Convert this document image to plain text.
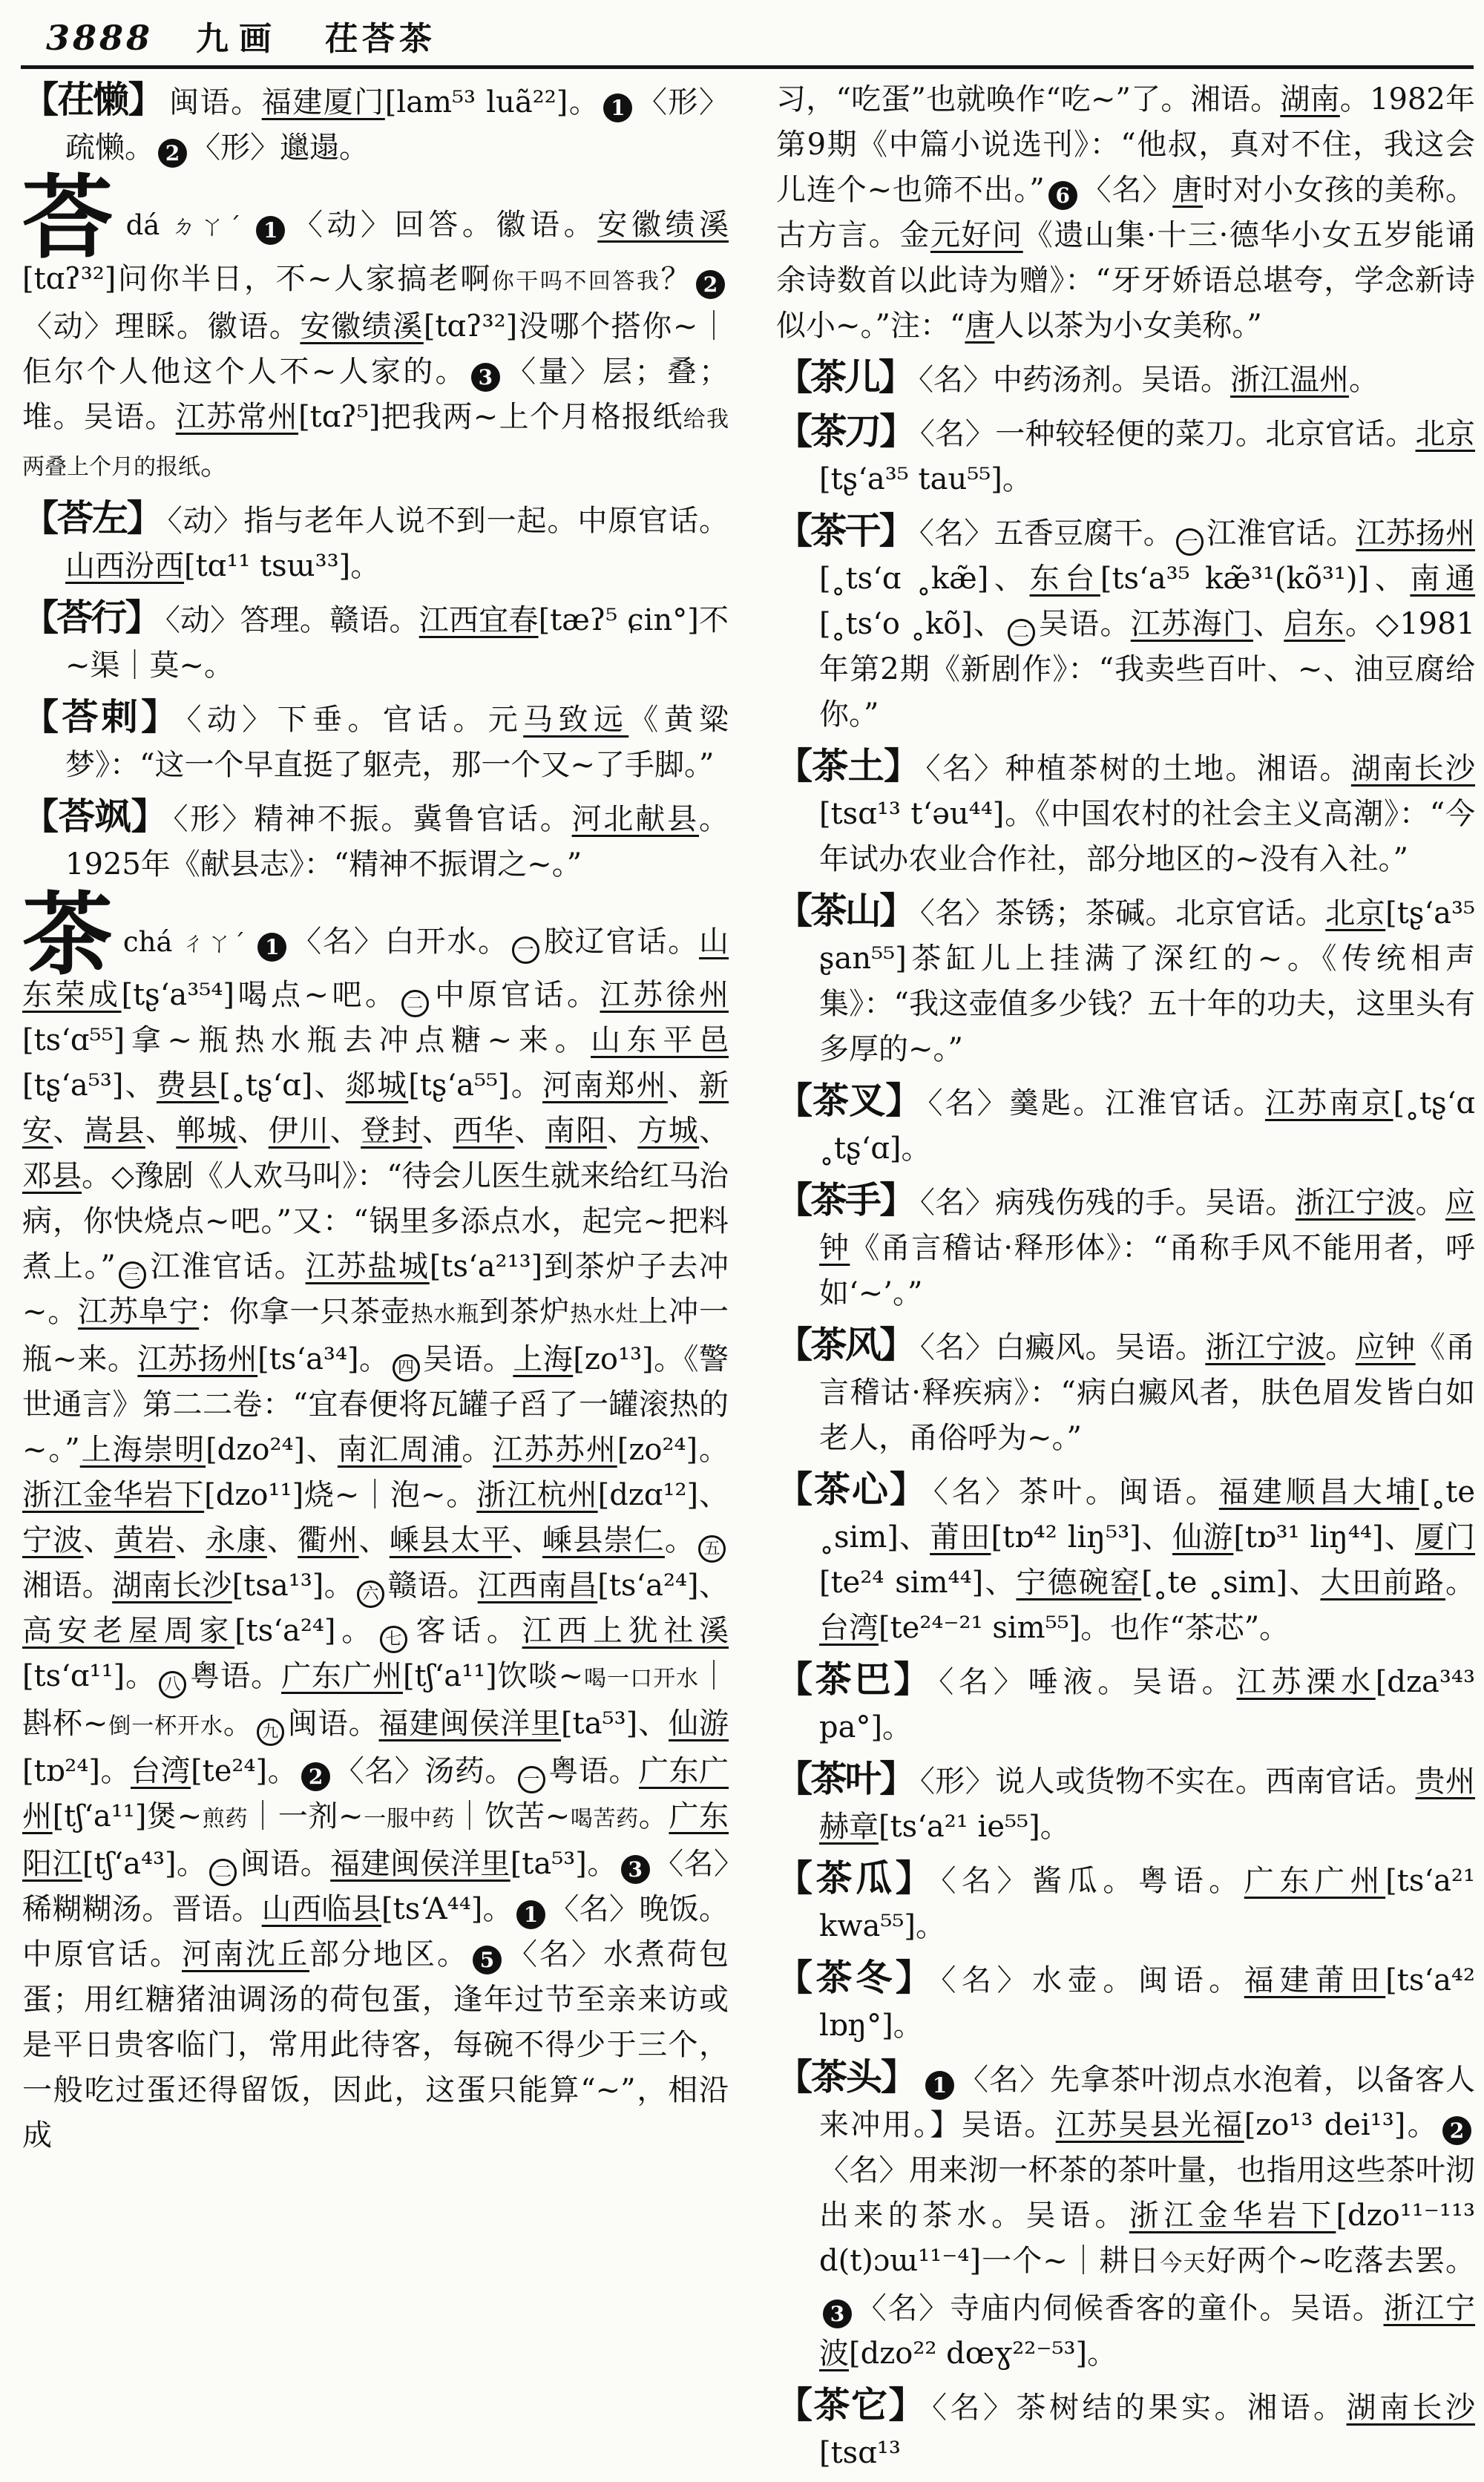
3888 九画 茌荅茶
【茌懒】 闽语。福建厦门[lam⁵³ luã²²]。 1 〈形〉疏懒。 2 〈形〉邋遢。
荅dá ㄉㄚˊ 1 〈动〉回答。徽语。安徽绩溪[tɑʔ³²]问你半日，不~人家搞老啊你干吗不回答我？ 2〈动〉理睬。徽语。安徽绩溪[tɑʔ³²]没哪个搭你~｜佢尔个人他这个人不~人家的。 3 〈量〉层；叠；堆。吴语。江苏常州[tɑʔ⁵]把我两~上个月格报纸给我两叠上个月的报纸。
【荅左】 〈动〉指与老年人说不到一起。中原官话。山西汾西[tɑ¹¹ tsɯ³³]。
【荅行】 〈动〉答理。赣语。江西宜春[tæʔ⁵ ɕin°]不~渠｜莫~。
【荅剌】 〈动〉下垂。官话。元马致远《黄粱梦》：“这一个早直挺了躯壳，那一个又~了手脚。”
【荅飒】 〈形〉精神不振。冀鲁官话。河北献县。1925年《献县志》：“精神不振谓之~。”
茶chá ㄔㄚˊ 1 〈名〉白开水。 一 胶辽官话。山东荣成[tʂʻa³⁵⁴]喝点~吧。 二 中原官话。江苏徐州[tsʻɑ⁵⁵]拿~瓶热水瓶去冲点糖~来。山东平邑[tʂʻa⁵³]、费县[˳tʂʻɑ]、郯城[tʂʻa⁵⁵]。河南郑州、新安、嵩县、郸城、伊川、登封、西华、南阳、方城、邓县。◇豫剧《人欢马叫》：“待会儿医生就来给红马治病，你快烧点~吧。”又：“锅里多添点水，起完~把料煮上。” 三 江淮官话。江苏盐城[tsʻa²¹³]到茶炉子去冲~。江苏阜宁：你拿一只茶壶热水瓶到茶炉热水灶上冲一瓶~来。江苏扬州[tsʻa³⁴]。 四 吴语。上海[zo¹³]。《警世通言》第二二卷：“宜春便将瓦罐子舀了一罐滚热的~。”上海崇明[dzo²⁴]、南汇周浦。江苏苏州[zo²⁴]。浙江金华岩下[dzo¹¹]烧~｜泡~。浙江杭州[dzɑ¹²]、宁波、黄岩、永康、衢州、嵊县太平、嵊县崇仁。 五湘语。湖南长沙[tsa¹³]。 六 赣语。江西南昌[tsʻa²⁴]、高安老屋周家[tsʻa²⁴]。 七 客话。江西上犹社溪[tsʻɑ¹¹]。 八 粤语。广东广州[tʃʻa¹¹]饮啖~喝一口开水｜斟杯~倒一杯开水。 九 闽语。福建闽侯洋里[ta⁵³]、仙游[tɒ²⁴]。台湾[te²⁴]。 2 〈名〉汤药。 一 粤语。广东广州[tʃʻa¹¹]煲~煎药｜一剂~一服中药｜饮苦~喝苦药。广东阳江[tʃʻa⁴³]。 二 闽语。福建闽侯洋里[ta⁵³]。 3 〈名〉稀糊糊汤。晋语。山西临县[tsʻA⁴⁴]。 1 〈名〉晚饭。中原官话。河南沈丘部分地区。 5 〈名〉水煮荷包蛋；用红糖猪油调汤的荷包蛋，逢年过节至亲来访或是平日贵客临门，常用此待客，每碗不得少于三个，一般吃过蛋还得留饭，因此，这蛋只能算“~”，相沿成
习，“吃蛋”也就唤作“吃~”了。湘语。湖南。1982年第9期《中篇小说选刊》：“他叔，真对不住，我这会儿连个~也筛不出。” 6 〈名〉唐时对小女孩的美称。古方言。金元好问《遗山集·十三·德华小女五岁能诵余诗数首以此诗为赠》：“牙牙娇语总堪夸，学念新诗似小~。”注：“唐人以茶为小女美称。”
【茶儿】 〈名〉中药汤剂。吴语。浙江温州。
【茶刀】 〈名〉一种较轻便的菜刀。北京官话。北京[tʂʻa³⁵ tau⁵⁵]。
【茶干】 〈名〉五香豆腐干。 一 江淮官话。江苏扬州[˳tsʻɑ ˳kæ̃]、东台[tsʻa³⁵ kæ̃³¹(kõ³¹)]、南通[˳tsʻo ˳kõ]、 二 吴语。江苏海门、启东。◇1981年第2期《新剧作》：“我卖些百叶、~、油豆腐给你。”
【茶土】 〈名〉种植茶树的土地。湘语。湖南长沙[tsɑ¹³ tʻəu⁴⁴]。《中国农村的社会主义高潮》：“今年试办农业合作社，部分地区的~没有入社。”
【茶山】 〈名〉茶锈；茶碱。北京官话。北京[tʂʻa³⁵ ʂan⁵⁵]茶缸儿上挂满了深红的~。《传统相声集》：“我这壶值多少钱？五十年的功夫，这里头有多厚的~。”
【茶叉】 〈名〉羹匙。江淮官话。江苏南京[˳tʂʻɑ ˳tʂʻɑ]。
【茶手】 〈名〉病残伤残的手。吴语。浙江宁波。应钟《甬言稽诂·释形体》：“甬称手风不能用者，呼如‘~’。”
【茶风】 〈名〉白癜风。吴语。浙江宁波。应钟《甬言稽诂·释疾病》：“病白癜风者，肤色眉发皆白如老人，甬俗呼为~。”
【茶心】 〈名〉茶叶。闽语。福建顺昌大埔[˳te ˳sim]、莆田[tɒ⁴² liŋ⁵³]、仙游[tɒ³¹ liŋ⁴⁴]、厦门[te²⁴ sim⁴⁴]、宁德碗窑[˳te ˳sim]、大田前路。台湾[te²⁴⁻²¹ sim⁵⁵]。也作“茶芯”。
【茶巴】 〈名〉唾液。吴语。江苏溧水[dza³⁴³ pa°]。
【茶叶】 〈形〉说人或货物不实在。西南官话。贵州赫章[tsʻa²¹ ie⁵⁵]。
【茶瓜】 〈名〉酱瓜。粤语。广东广州[tsʻa²¹ kwa⁵⁵]。
【茶冬】 〈名〉水壶。闽语。福建莆田[tsʻa⁴² lɒŋ°]。
【茶头】 1 〈名〉先拿茶叶沏点水泡着，以备客人来冲用。】吴语。江苏吴县光福[zo¹³ dei¹³]。 2〈名〉用来沏一杯茶的茶叶量，也指用这些茶叶沏出来的茶水。吴语。浙江金华岩下[dzo¹¹⁻¹¹³ d(t)ɔɯ¹¹⁻⁴]一个~｜耕日今天好两个~吃落去罢。3 〈名〉寺庙内伺候香客的童仆。吴语。浙江宁波[dzo²² dœɣ²²⁻⁵³]。
【茶它】 〈名〉茶树结的果实。湘语。湖南长沙[tsɑ¹³
